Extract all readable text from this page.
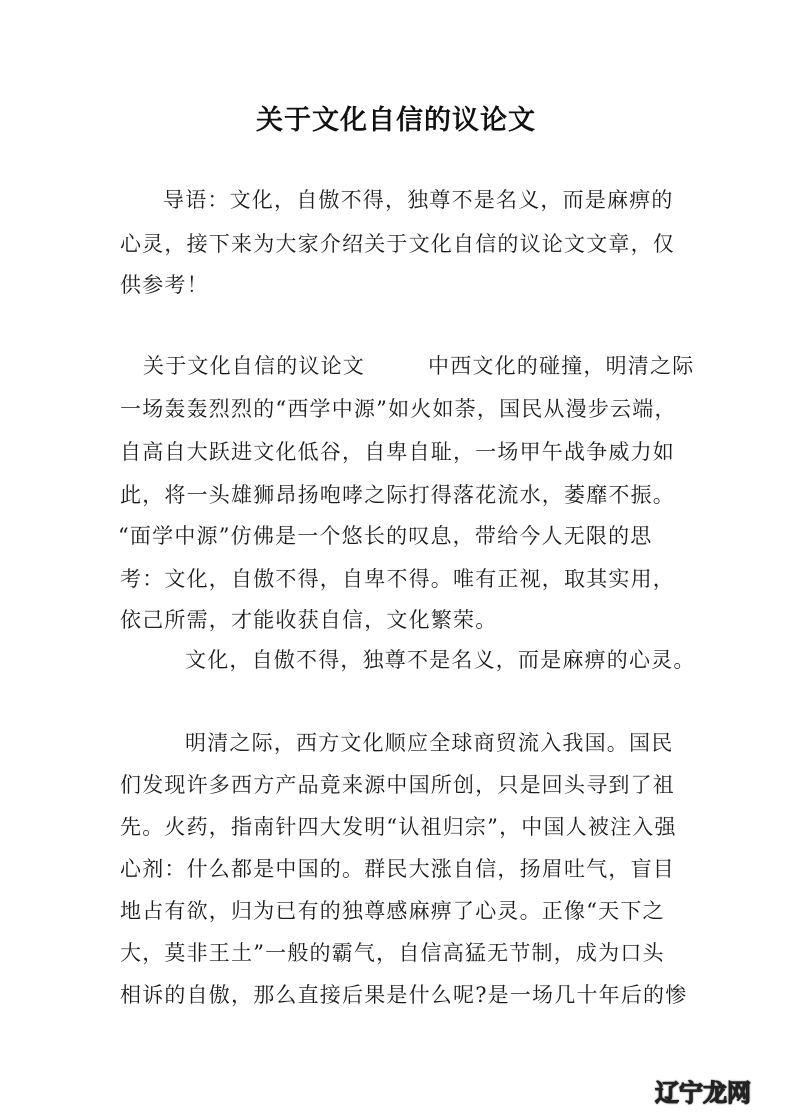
关于文化自信的议论文
导语：文化，自傲不得，独尊不是名义，而是麻痹的
心灵，接下来为大家介绍关于文化自信的议论文文章，仅
供参考！
关于文化自信的议论文        中西文化的碰撞，明清之际
一场轰轰烈烈的“西学中源”如火如荼，国民从漫步云端，
自高自大跃进文化低谷，自卑自耻，一场甲午战争威力如
此，将一头雄狮昂扬咆哮之际打得落花流水，萎靡不振。
“面学中源”仿佛是一个悠长的叹息，带给今人无限的思
考：文化，自傲不得，自卑不得。唯有正视，取其实用，
依己所需，才能收获自信，文化繁荣。
文化，自傲不得，独尊不是名义，而是麻痹的心灵。
明清之际，西方文化顺应全球商贸流入我国。国民
们发现许多西方产品竟来源中国所创，只是回头寻到了祖
先。火药，指南针四大发明“认祖归宗”，中国人被注入强
心剂：什么都是中国的。群民大涨自信，扬眉吐气，盲目
地占有欲，归为已有的独尊感麻痹了心灵。正像“天下之
大，莫非王土”一般的霸气，自信高猛无节制，成为口头
相诉的自傲，那么直接后果是什么呢?是一场几十年后的惨
辽宁龙网
